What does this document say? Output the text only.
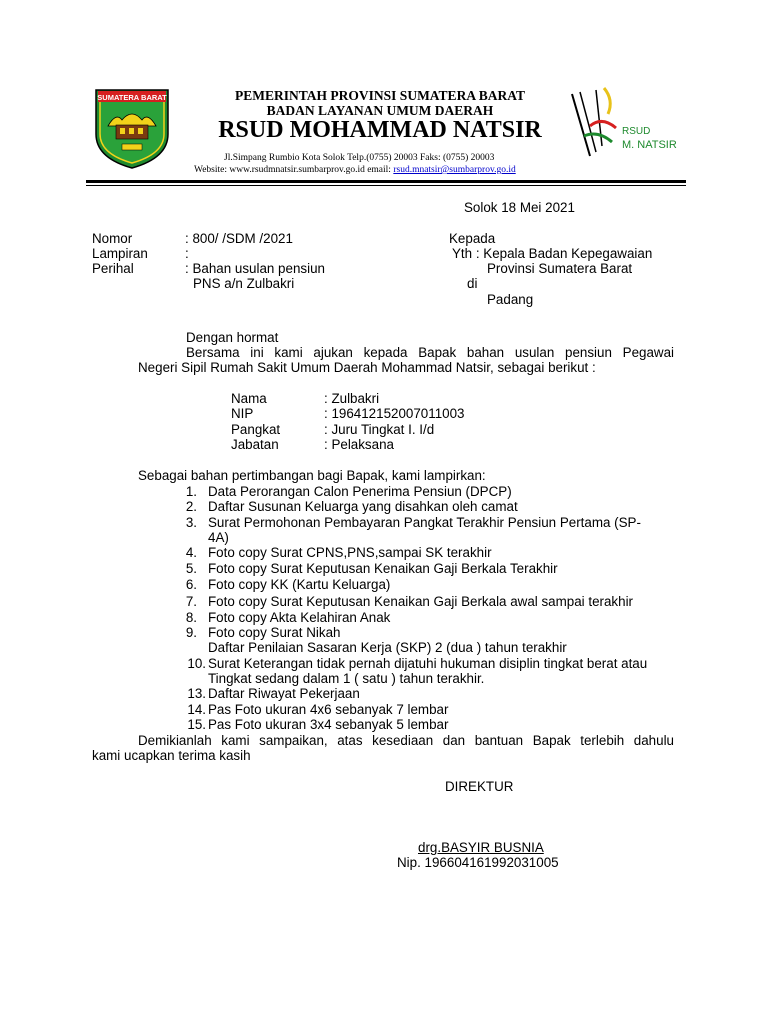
SUMATERA BARAT	PEMERINTAH PROVINSI SUMATERA BARAT
BADAN LAYANAN UMUM DAERAH
RSUD MOHAMMAD NATSIR
Jl.Simpang Rumbio Kota Solok Telp.(0755) 20003 Faks: (0755) 20003
Website: www.rsudmnatsir.sumbarprov.go.id email: rsud.mnatsir@sumbarprov.go.id
RSUD
M. NATSIR
Solok 18 Mei 2021
Nomor	: 800/ /SDM /2021
Lampiran	:
Perihal	: Bahan usulan pensiun
PNS a/n Zulbakri
Kepada
Yth : Kepala Badan Kepegawaian
Provinsi Sumatera Barat
di
Padang
Dengan hormat
Bersama ini kami ajukan kepada Bapak bahan usulan pensiun Pegawai
Negeri Sipil Rumah Sakit Umum Daerah Mohammad Natsir, sebagai berikut :
Nama	: Zulbakri
NIP	: 196412152007011003
Pangkat	: Juru Tingkat I. I/d
Jabatan	: Pelaksana
Sebagai bahan pertimbangan bagi Bapak, kami lampirkan:
1. Data Perorangan Calon Penerima Pensiun (DPCP)
2. Daftar Susunan Keluarga yang disahkan oleh camat
3. Surat Permohonan Pembayaran Pangkat Terakhir Pensiun Pertama (SP-
4A)
4. Foto copy Surat CPNS,PNS,sampai SK terakhir
5. Foto copy Surat Keputusan Kenaikan Gaji Berkala Terakhir
6. Foto copy KK (Kartu Keluarga)
7. Foto copy Surat Keputusan Kenaikan Gaji Berkala awal sampai terakhir
8. Foto copy Akta Kelahiran Anak
9. Foto copy Surat Nikah
Daftar Penilaian Sasaran Kerja (SKP) 2 (dua ) tahun terakhir
10. Surat Keterangan tidak pernah dijatuhi hukuman disiplin tingkat berat atau
Tingkat sedang dalam 1 ( satu ) tahun terakhir.
13. Daftar Riwayat Pekerjaan
14. Pas Foto ukuran 4x6 sebanyak 7 lembar
15. Pas Foto ukuran 3x4 sebanyak 5 lembar
Demikianlah kami sampaikan, atas kesediaan dan bantuan Bapak terlebih dahulu
kami ucapkan terima kasih
DIREKTUR
drg.BASYIR BUSNIA
Nip. 196604161992031005
